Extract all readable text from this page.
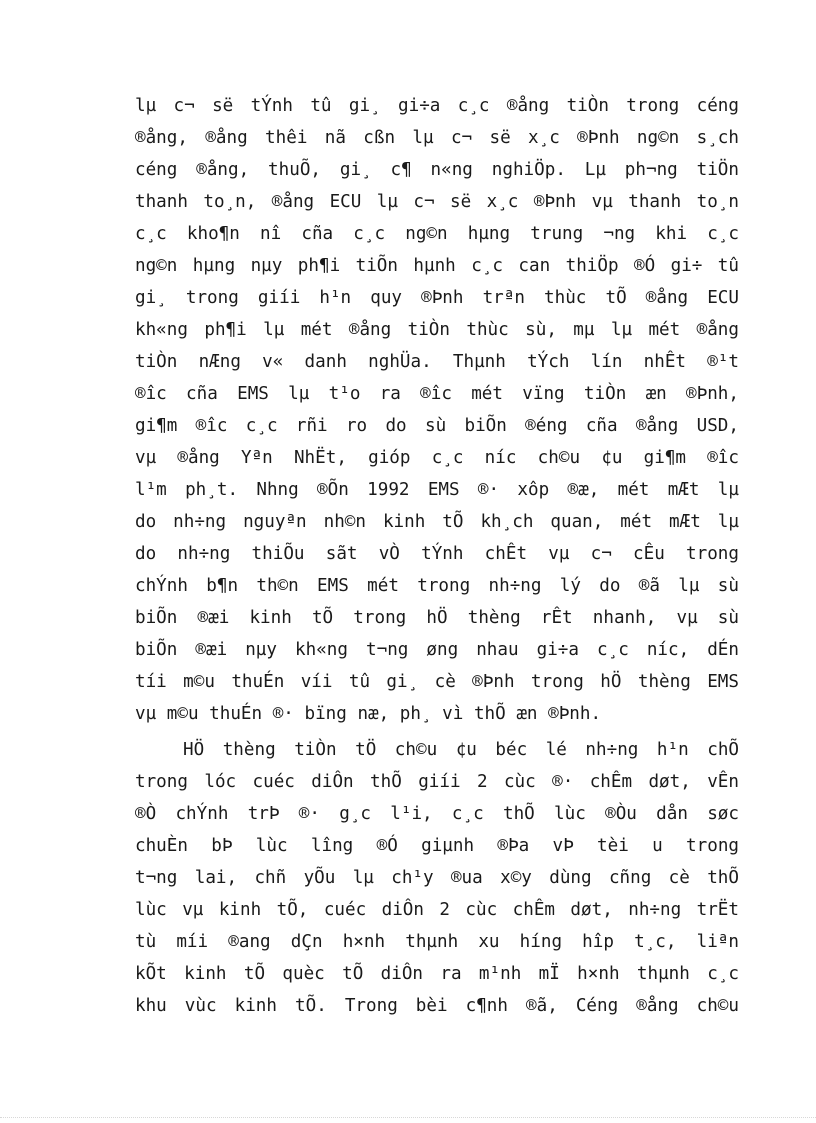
lµ c¬ së tÝnh tû gi¸ gi÷a c¸c ®ång tiÒn trong céng
®ång, ®ång thêi nã cßn lµ c¬ së x¸c ®Þnh ng©n s¸ch
céng ®ång, thuÕ, gi¸ c¶ n«ng nghiÖp. Lµ ph¬ng tiÖn
thanh to¸n, ®ång ECU lµ c¬ së x¸c ®Þnh vµ thanh to¸n
c¸c kho¶n nî cña c¸c ng©n hµng trung ¬ng khi c¸c
ng©n hµng nµy ph¶i tiÕn hµnh c¸c can thiÖp ®Ó gi÷ tû
gi¸ trong giíi h¹n quy ®Þnh trªn thùc tÕ ®ång ECU
kh«ng ph¶i lµ mét ®ång tiÒn thùc sù, mµ lµ mét ®ång
tiÒn nÆng v« danh nghÜa. Thµnh tÝch lín nhÊt ®¹t
®îc cña EMS lµ t¹o ra ®îc mét vïng tiÒn æn ®Þnh,
gi¶m ®îc c¸c rñi ro do sù biÕn ®éng cña ®ång USD,
vµ ®ång Yªn NhËt, gióp c¸c níc ch©u ¢u gi¶m ®îc
l¹m ph¸t. Nhng ®Õn 1992 EMS ®· xôp ®æ, mét mÆt lµ
do nh÷ng nguyªn nh©n kinh tÕ kh¸ch quan, mét mÆt lµ
do nh÷ng thiÕu sãt vÒ tÝnh chÊt vµ c¬ cÊu trong
chÝnh b¶n th©n EMS mét trong nh÷ng lý do ®ã lµ sù
biÕn ®æi kinh tÕ trong hÖ thèng rÊt nhanh, vµ sù
biÕn ®æi nµy kh«ng t¬ng øng nhau gi÷a c¸c níc, dÉn
tíi m©u thuÉn víi tû gi¸ cè ®Þnh trong hÖ thèng EMS
vµ m©u thuÉn ®· bïng næ, ph¸ vì thÕ æn ®Þnh.
HÖ thèng tiÒn tÖ ch©u ¢u béc lé nh÷ng h¹n chÕ
trong lóc cuéc diÔn thÕ giíi 2 cùc ®· chÊm døt, vÊn
®Ò chÝnh trÞ ®· g¸c l¹i, c¸c thÕ lùc ®Òu dån søc
chuÈn bÞ lùc lîng ®Ó giµnh ®Þa vÞ tèi u trong
t¬ng lai, chñ yÕu lµ ch¹y ®ua x©y dùng cñng cè thÕ
lùc vµ kinh tÕ, cuéc diÔn 2 cùc chÊm døt, nh÷ng trËt
tù míi ®ang dÇn h×nh thµnh xu híng hîp t¸c, liªn
kÕt kinh tÕ quèc tÕ diÔn ra m¹nh mÏ h×nh thµnh c¸c
khu vùc kinh tÕ. Trong bèi c¶nh ®ã, Céng ®ång ch©u
